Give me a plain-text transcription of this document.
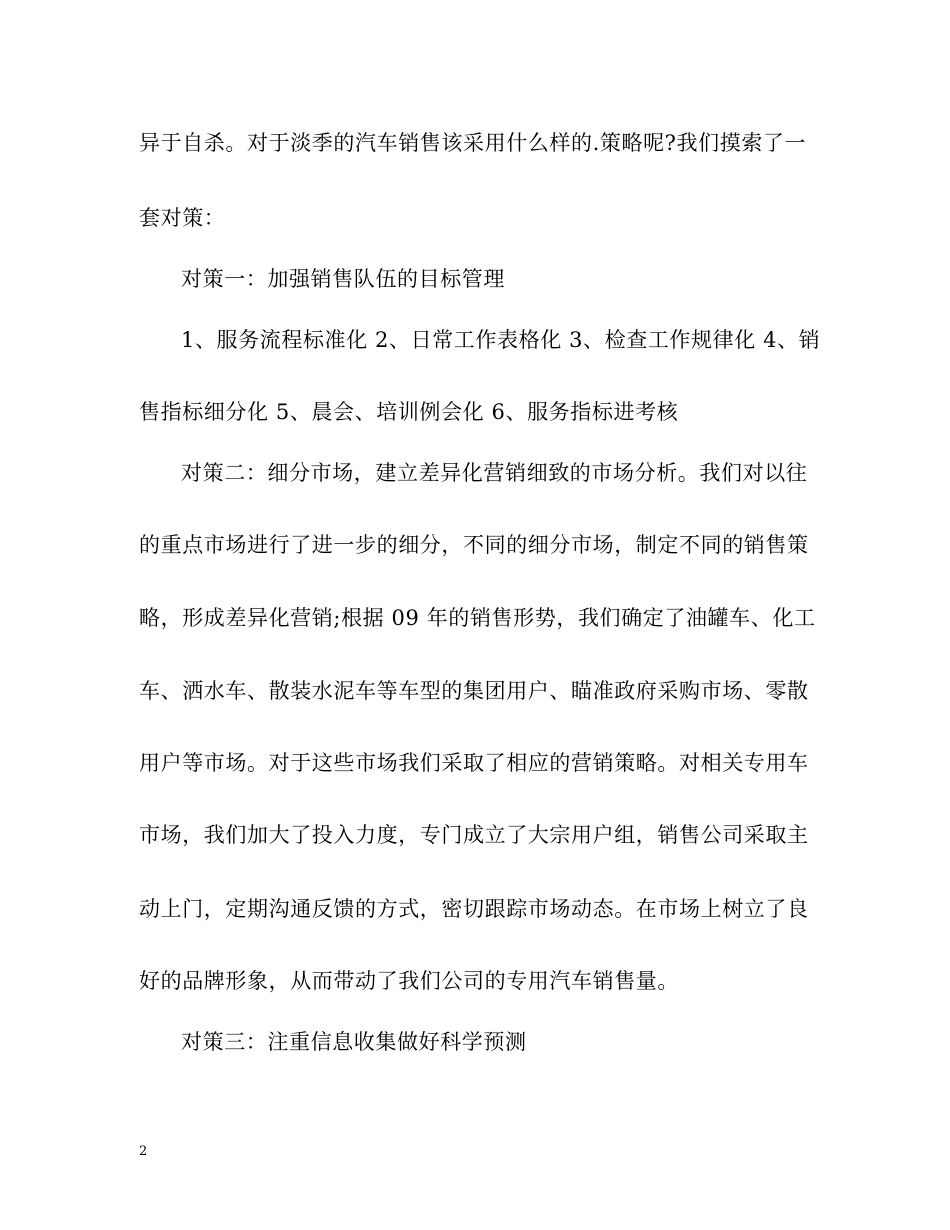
异于自杀。对于淡季的汽车销售该采用什么样的.策略呢?我们摸索了一
套对策：
对策一：加强销售队伍的目标管理
1、服务流程标准化 2、日常工作表格化 3、检查工作规律化 4、销
售指标细分化 5、晨会、培训例会化 6、服务指标进考核
对策二：细分市场，建立差异化营销细致的市场分析。我们对以往
的重点市场进行了进一步的细分，不同的细分市场，制定不同的销售策
略，形成差异化营销;根据 09 年的销售形势，我们确定了油罐车、化工
车、洒水车、散装水泥车等车型的集团用户、瞄准政府采购市场、零散
用户等市场。对于这些市场我们采取了相应的营销策略。对相关专用车
市场，我们加大了投入力度，专门成立了大宗用户组，销售公司采取主
动上门，定期沟通反馈的方式，密切跟踪市场动态。在市场上树立了良
好的品牌形象，从而带动了我们公司的专用汽车销售量。
对策三：注重信息收集做好科学预测
2
